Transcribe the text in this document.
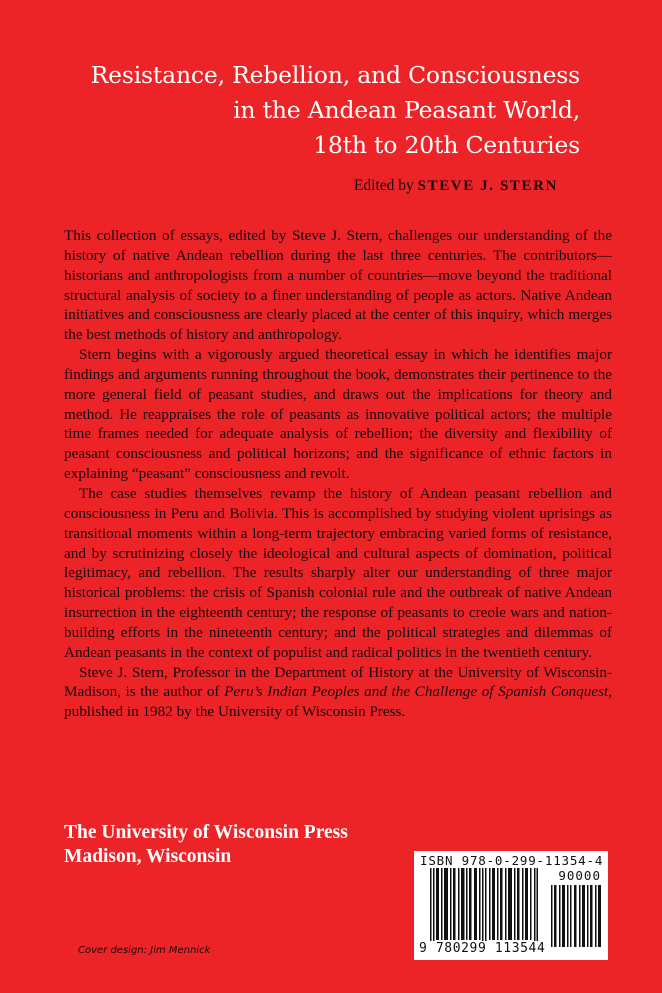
Resistance, Rebellion, and Consciousness
in the Andean Peasant World,
18th to 20th Centuries
Edited by STEVE J. STERN

This collection of essays, edited by Steve J. Stern, challenges our understanding of the history of native Andean rebellion during the last three centuries. The contributors—historians and anthropologists from a number of countries—move beyond the traditional structural analysis of society to a finer understanding of people as actors. Native Andean initiatives and consciousness are clearly placed at the center of this inquiry, which merges the best methods of history and anthropology.

Stern begins with a vigorously argued theoretical essay in which he identifies major findings and arguments running throughout the book, demonstrates their pertinence to the more general field of peasant studies, and draws out the implications for theory and method. He reappraises the role of peasants as innovative political actors; the multiple time frames needed for adequate analysis of rebellion; the diversity and flexibility of peasant consciousness and political horizons; and the significance of ethnic factors in explaining “peasant” consciousness and revolt.

The case studies themselves revamp the history of Andean peasant rebellion and consciousness in Peru and Bolivia. This is accomplished by studying violent uprisings as transitional moments within a long-term trajectory embracing varied forms of resistance, and by scrutinizing closely the ideological and cultural aspects of domination, political legitimacy, and rebellion. The results sharply alter our understanding of three major historical problems: the crisis of Spanish colonial rule and the outbreak of native Andean insurrection in the eighteenth century; the response of peasants to creole wars and nation-building efforts in the nineteenth century; and the political strategies and dilemmas of Andean peasants in the context of populist and radical politics in the twentieth century.

Steve J. Stern, Professor in the Department of History at the University of Wisconsin-Madison, is the author of Peru’s Indian Peoples and the Challenge of Spanish Conquest, published in 1982 by the University of Wisconsin Press.

The University of Wisconsin Press
Madison, Wisconsin	ISBN 978-0-299-11354-4
90000
9 780299 113544
Cover design: Jim Mennick
